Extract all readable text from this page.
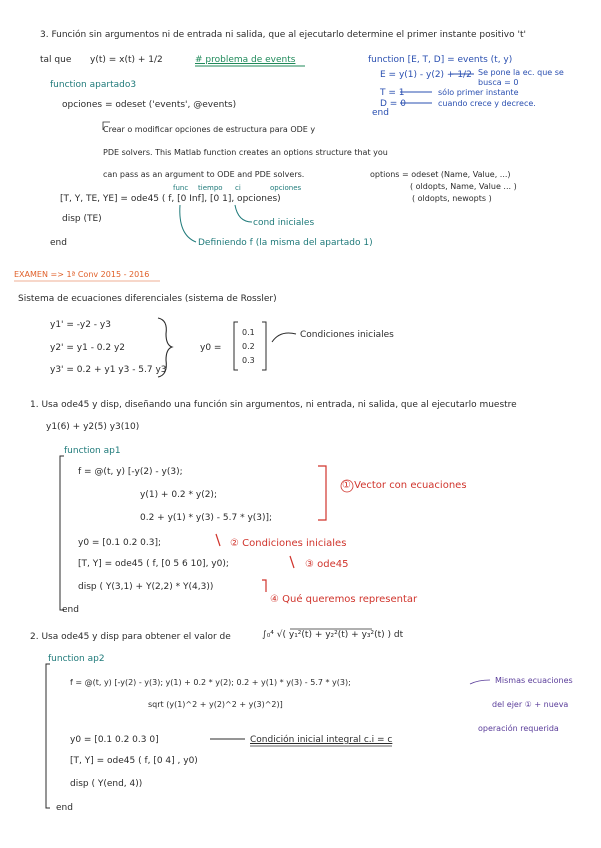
3. Función sin argumentos ni de entrada ni salida, que al ejecutarlo determine el primer instante positivo 't'
tal que y(t) = x(t) + 1/2	# problema de events
function apartado3
opciones = odeset ('events', @events)
Crear o modificar opciones de estructura para ODE y
PDE solvers. This Matlab function creates an options structure that you
can pass as an argument to ODE and PDE solvers.	options = odeset (Name, Value, ...)
( oldopts, Name, Value ... )
( oldopts, newopts )
func tiempo ci	opciones
[T, Y, TE, YE] = ode45 ( f, [0 Inf], [0 1], opciones)
disp (TE)	cond iniciales
end	Definiendo f (la misma del apartado 1)
function [E, T, D] = events (t, y)
E = y(1) - y(2) + 1/2 Se pone la ec. que se busca = 0
T = 1	sólo primer instante
D = 0	cuando crece y decrece.
end
EXAMEN => 1ª Conv 2015 - 2016
Sistema de ecuaciones diferenciales (sistema de Rossler)
y1' = -y2 - y3
y2' = y1 - 0.2 y2
y3' = 0.2 + y1 y3 - 5.7 y3
y0 =
0.1
0.2
0.3
Condiciones iniciales
1. Usa ode45 y disp, diseñando una función sin argumentos, ni entrada, ni salida, que al ejecutarlo muestre
y1(6) + y2(5) y3(10)
function ap1
f = @(t, y) [-y(2) - y(3);
y(1) + 0.2 * y(2);
0.2 + y(1) * y(3) - 5.7 * y(3)];
y0 = [0.1 0.2 0.3];
[T, Y] = ode45 ( f, [0 5 6 10], y0);
disp ( Y(3,1) + Y(2,2) * Y(4,3))
end
① Vector con ecuaciones
② Condiciones iniciales
③ ode45
④ Qué queremos representar
2. Usa ode45 y disp para obtener el valor de	∫₀⁴ √( y₁²(t) + y₂²(t) + y₃²(t) ) dt
function ap2
f = @(t, y) [-y(2) - y(3); y(1) + 0.2 * y(2); 0.2 + y(1) * y(3) - 5.7 * y(3);
sqrt (y(1)^2 + y(2)^2 + y(3)^2)]
y0 = [0.1 0.2 0.3 0]	Condición inicial integral c.i = c
[T, Y] = ode45 ( f, [0 4] , y0)
disp ( Y(end, 4))
end
Mismas ecuaciones
del ejer ① + nueva
operación requerida
